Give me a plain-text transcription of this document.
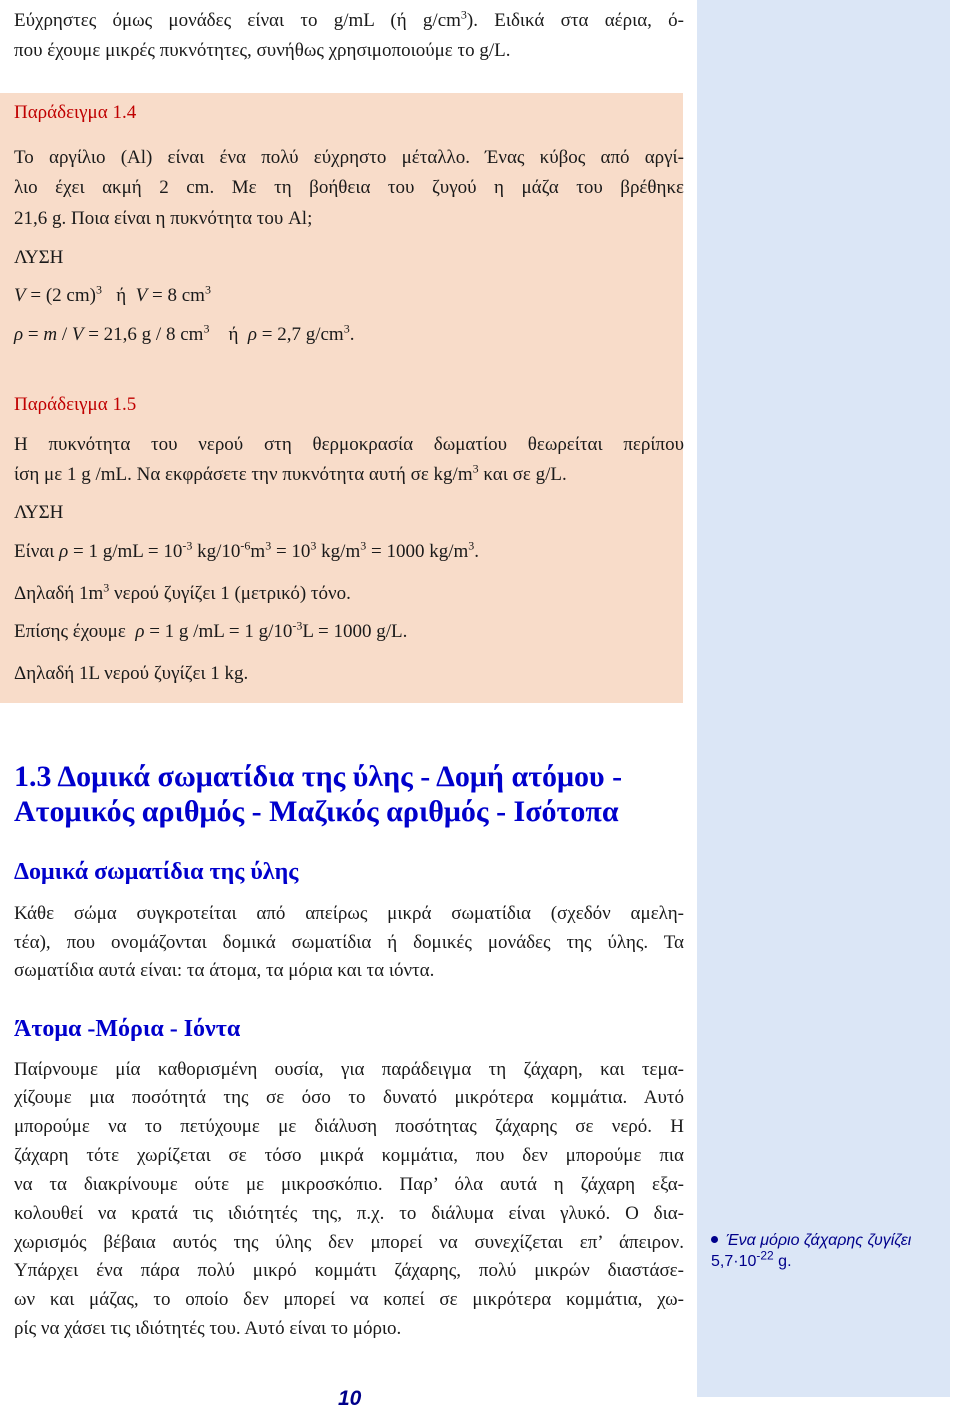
Εύχρηστες όμως μονάδες είναι το g/mL (ή $g/cm^3$). Ειδικά στα αέρια, ό-
που έχουμε μικρές πυκνότητες, συνήθως χρησιμοποιούμε το g/L.
Παράδειγμα 1.4
Το αργίλιο (Al) είναι ένα πολύ εύχρηστο μέταλλο. Ένας κύβος από αργί-
λιο έχει ακμή 2 cm. Με τη βοήθεια του ζυγού η μάζα του βρέθηκε
21,6 g. Ποια είναι η πυκνότητα του Al;
ΛΥΣΗ
V = (2 cm)$^3$   ή  V = 8 $cm^3$
ρ = m / V = 21,6 g / 8 $cm^3$    ή  ρ = 2,7 $g/cm^3$.
Παράδειγμα 1.5
Η πυκνότητα του νερού στη θερμοκρασία δωματίου θεωρείται περίπου
ίση με 1 g /mL. Να εκφράσετε την πυκνότητα αυτή σε $kg/m^3$ και σε g/L.
ΛΥΣΗ
Είναι ρ = 1 $g/mL = 10^{-3}$ $kg/10^{-6}m^3 = 10^3$ $kg/m^3 = 1000$ $kg/m^3$.
Δηλαδή $1m^3$ νερού ζυγίζει 1 (μετρικό) τόνο.
Επίσης έχουμε  ρ = 1 g /mL = 1 $g/10^{-3}L = 1000$ g/L.
Δηλαδή 1L νερού ζυγίζει 1 kg.
1.3 Δομικά σωματίδια της ύλης - Δομή ατόμου -
Ατομικός αριθμός - Μαζικός αριθμός - Ισότοπα
Δομικά σωματίδια της ύλης
Κάθε σώμα συγκροτείται από απείρως μικρά σωματίδια (σχεδόν αμελη-
τέα), που ονομάζονται δομικά σωματίδια ή δομικές μονάδες της ύλης. Τα
σωματίδια αυτά είναι: τα άτομα, τα μόρια και τα ιόντα.
Άτομα -Μόρια - Ιόντα
Παίρνουμε μία καθορισμένη ουσία, για παράδειγμα τη ζάχαρη, και τεμα-
χίζουμε μια ποσότητά της σε όσο το δυνατό μικρότερα κομμάτια. Αυτό
μπορούμε να το πετύχουμε με διάλυση ποσότητας ζάχαρης σε νερό. Η
ζάχαρη τότε χωρίζεται σε τόσο μικρά κομμάτια, που δεν μπορούμε πια
να τα διακρίνουμε ούτε με μικροσκόπιο. Παρ’ όλα αυτά η ζάχαρη εξα-
κολουθεί να κρατά τις ιδιότητές της, π.χ. το διάλυμα είναι γλυκό. Ο δια-
χωρισμός βέβαια αυτός της ύλης δεν μπορεί να συνεχίζεται επ’ άπειρον.
Υπάρχει ένα πάρα πολύ μικρό κομμάτι ζάχαρης, πολύ μικρών διαστάσε-
ων και μάζας, το οποίο δεν μπορεί να κοπεί σε μικρότερα κομμάτια, χω-
ρίς να χάσει τις ιδιότητές του. Αυτό είναι το μόριο.
Ένα μόριο ζάχαρης ζυγίζει
$5,7\cdot 10^{-22}$ g.
10
